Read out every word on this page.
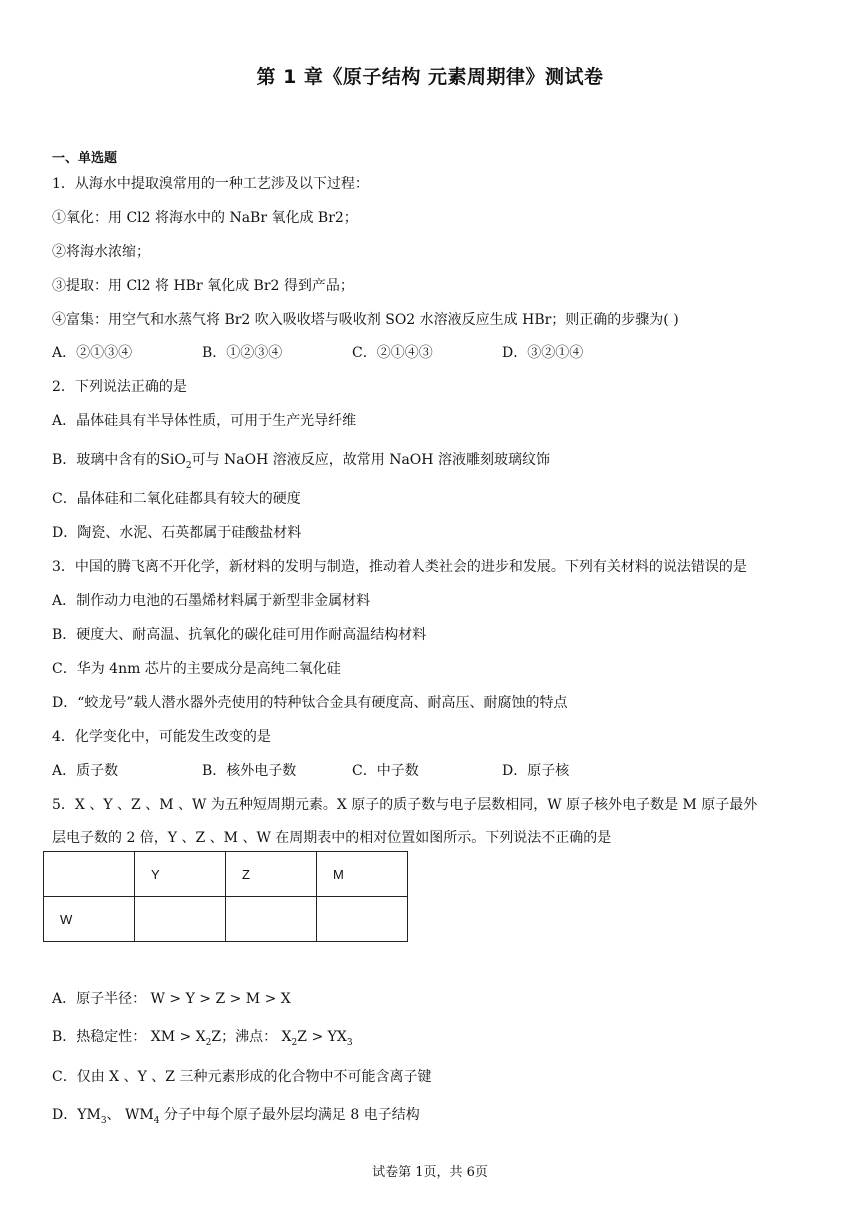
第 1 章《原子结构 元素周期律》测试卷
一、单选题
1．从海水中提取溴常用的一种工艺涉及以下过程：
①氧化：用 Cl2 将海水中的 NaBr 氧化成 Br2；
②将海水浓缩；
③提取：用 Cl2 将 HBr 氧化成 Br2 得到产品；
④富集：用空气和水蒸气将 Br2 吹入吸收塔与吸收剂 SO2 水溶液反应生成 HBr；则正确的步骤为( )
A．②①③④	B．①②③④	C．②①④③	D．③②①④
2．下列说法正确的是
A．晶体硅具有半导体性质，可用于生产光导纤维
B．玻璃中含有的SiO$_2$可与 NaOH 溶液反应，故常用 NaOH 溶液雕刻玻璃纹饰
C．晶体硅和二氧化硅都具有较大的硬度
D．陶瓷、水泥、石英都属于硅酸盐材料
3．中国的腾飞离不开化学，新材料的发明与制造，推动着人类社会的进步和发展。下列有关材料的说法错误的是
A．制作动力电池的石墨烯材料属于新型非金属材料
B．硬度大、耐高温、抗氧化的碳化硅可用作耐高温结构材料
C．华为 4nm 芯片的主要成分是高纯二氧化硅
D．“蛟龙号”载人潜水器外壳使用的特种钛合金具有硬度高、耐高压、耐腐蚀的特点
4．化学变化中，可能发生改变的是
A．质子数	B．核外电子数	C．中子数	D．原子核
5．X 、Y 、Z 、M 、W 为五种短周期元素。X 原子的质子数与电子层数相同，W 原子核外电子数是 M 原子最外
层电子数的 2 倍，Y 、Z 、M 、W 在周期表中的相对位置如图所示。下列说法不正确的是
	Y	Z	M
W			
A．原子半径： W > Y > Z > M > X
B．热稳定性： XM > $X_2Z$；沸点： $X_2Z > YX_3$
C．仅由 X 、Y 、Z 三种元素形成的化合物中不可能含离子键
D．$YM_3$、 $WM_4$ 分子中每个原子最外层均满足 8 电子结构
试卷第 1页，共 6页
